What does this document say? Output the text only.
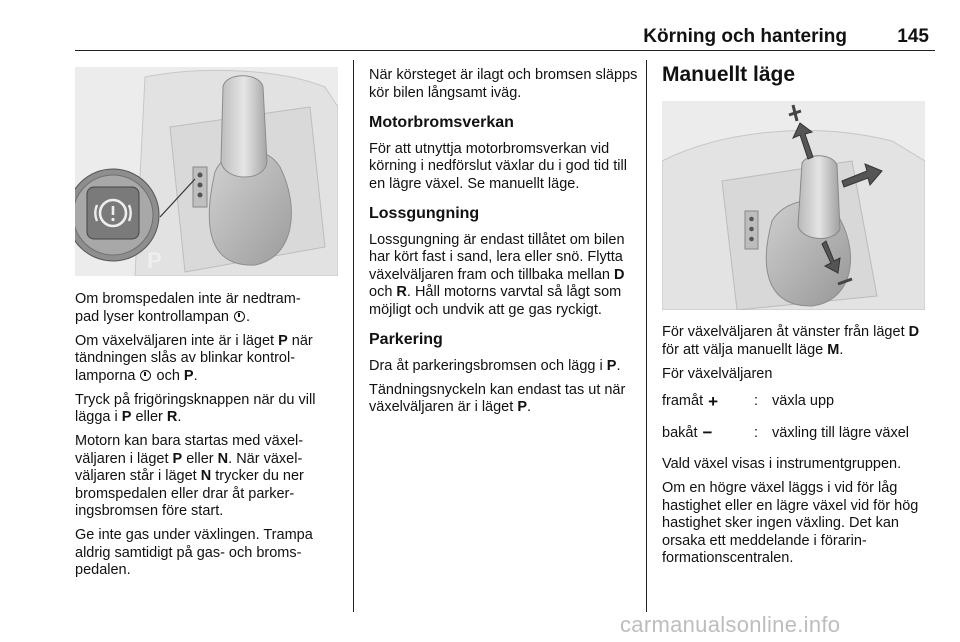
Körning och hantering	145
P

Om bromspedalen inte är nedtram-
pad lyser kontrollampan .

Om växelväljaren inte är i läget P när tändningen slås av blinkar kontrollamporna  och P.

Tryck på frigöringsknappen när du vill lägga i P eller R.

Motorn kan bara startas med växelväljaren i läget P eller N. När växelväljaren står i läget N trycker du ner bromspedalen eller drar åt parkeringsbromsen före start.

Ge inte gas under växlingen. Trampa aldrig samtidigt på gas- och bromspedalen.

När körsteget är ilagt och bromsen släpps kör bilen långsamt iväg.

Motorbromsverkan

För att utnyttja motorbromsverkan vid körning i nedförslut växlar du i god tid till en lägre växel. Se manuellt läge.

Lossgungning

Lossgungning är endast tillåtet om bilen har kört fast i sand, lera eller snö. Flytta växelväljaren fram och tillbaka mellan D och R. Håll motorns varvtal så lågt som möjligt och undvik att ge gas ryckigt.

Parkering

Dra åt parkeringsbromsen och lägg i P.

Tändningsnyckeln kan endast tas ut när växelväljaren är i läget P.

Manuellt läge

För växelväljaren åt vänster från läget D för att välja manuellt läge M.

För växelväljaren

framåt + : växla upp
bakåt −	: växling till lägre växel

Vald växel visas i instrumentgruppen.

Om en högre växel läggs i vid för låg hastighet eller en lägre växel vid för hög hastighet sker ingen växling. Det kan orsaka ett meddelande i förarinformationscentralen.

carmanualsonline.info
